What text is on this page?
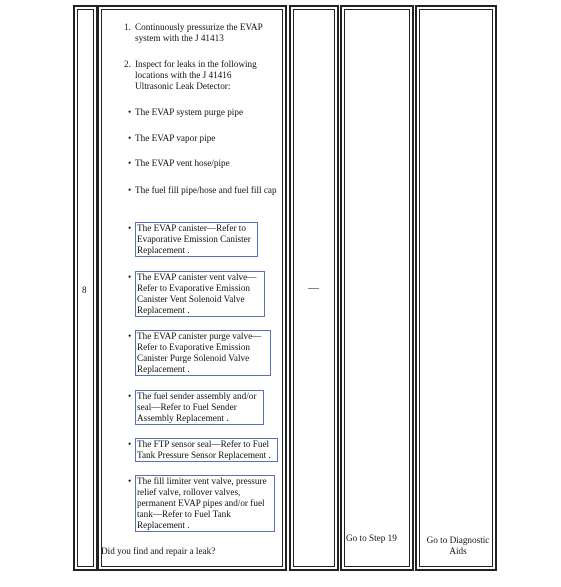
8	—
Go to Step 19	Go to Diagnostic Aids
Did you find and repair a leak?
1. Continuously pressurize the EVAP system with the J 41413
2. Inspect for leaks in the following locations with the J 41416 Ultrasonic Leak Detector:
• The EVAP system purge pipe
• The EVAP vapor pipe
• The EVAP vent hose/pipe
• The fuel fill pipe/hose and fuel fill cap
• The EVAP canister—Refer to Evaporative Emission Canister Replacement .
• The EVAP canister vent valve—Refer to Evaporative Emission Canister Vent Solenoid Valve Replacement .
• The EVAP canister purge valve—Refer to Evaporative Emission Canister Purge Solenoid Valve Replacement .
• The fuel sender assembly and/or seal—Refer to Fuel Sender Assembly Replacement .
• The FTP sensor seal—Refer to Fuel Tank Pressure Sensor Replacement .
• The fill limiter vent valve, pressure relief valve, rollover valves, permanent EVAP pipes and/or fuel tank—Refer to Fuel Tank Replacement .
